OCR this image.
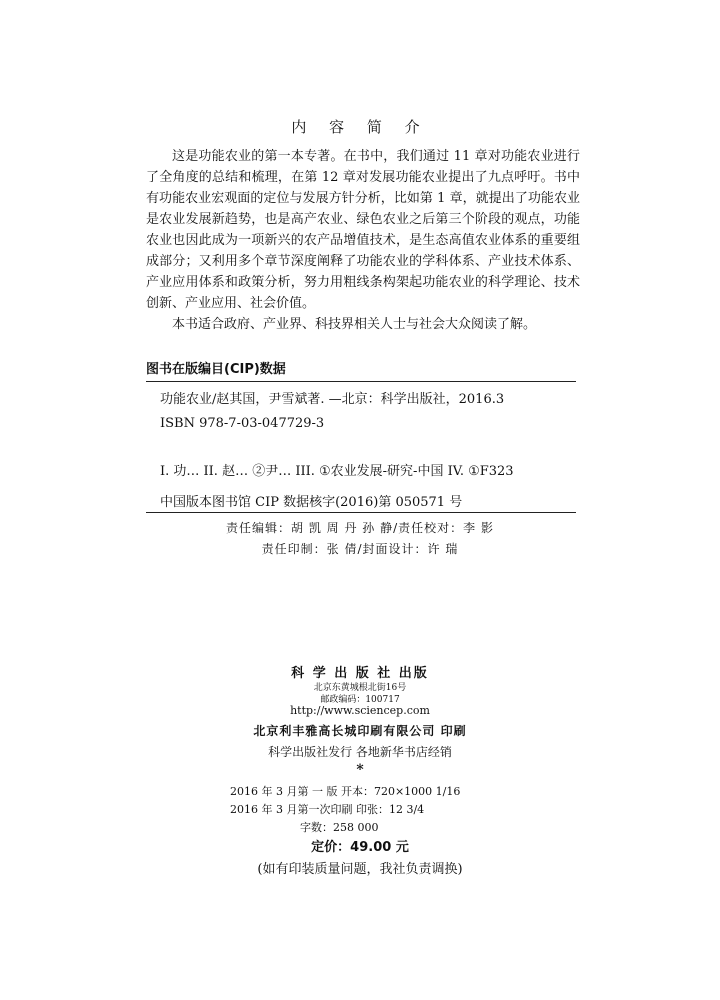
内 容 简 介

这是功能农业的第一本专著。在书中，我们通过 11 章对功能农业进行了全角度的总结和梳理，在第 12 章对发展功能农业提出了九点呼吁。书中有功能农业宏观面的定位与发展方针分析，比如第 1 章，就提出了功能农业是农业发展新趋势，也是高产农业、绿色农业之后第三个阶段的观点，功能农业也因此成为一项新兴的农产品增值技术，是生态高值农业体系的重要组成部分；又利用多个章节深度阐释了功能农业的学科体系、产业技术体系、产业应用体系和政策分析，努力用粗线条构架起功能农业的科学理论、技术创新、产业应用、社会价值。

本书适合政府、产业界、科技界相关人士与社会大众阅读了解。

图书在版编目(CIP)数据
功能农业/赵其国，尹雪斌著. —北京：科学出版社，2016.3
ISBN 978-7-03-047729-3
I. 功… II. 赵… ②尹… III. ①农业发展-研究-中国 IV. ①F323
中国版本图书馆 CIP 数据核字(2016)第 050571 号
责任编辑：胡 凯 周 丹 孙 静/责任校对：李 影
责任印制：张 倩/封面设计：许 瑞
科 学 出 版 社 出版
北京东黄城根北街16号
邮政编码：100717
http://www.sciencep.com
北京利丰雅高长城印刷有限公司 印刷
科学出版社发行 各地新华书店经销
*
2016 年 3 月第 一 版 开本：720×1000 1/16
2016 年 3 月第一次印刷 印张：12 3/4
字数：258 000
定价：49.00 元
(如有印装质量问题，我社负责调换)
